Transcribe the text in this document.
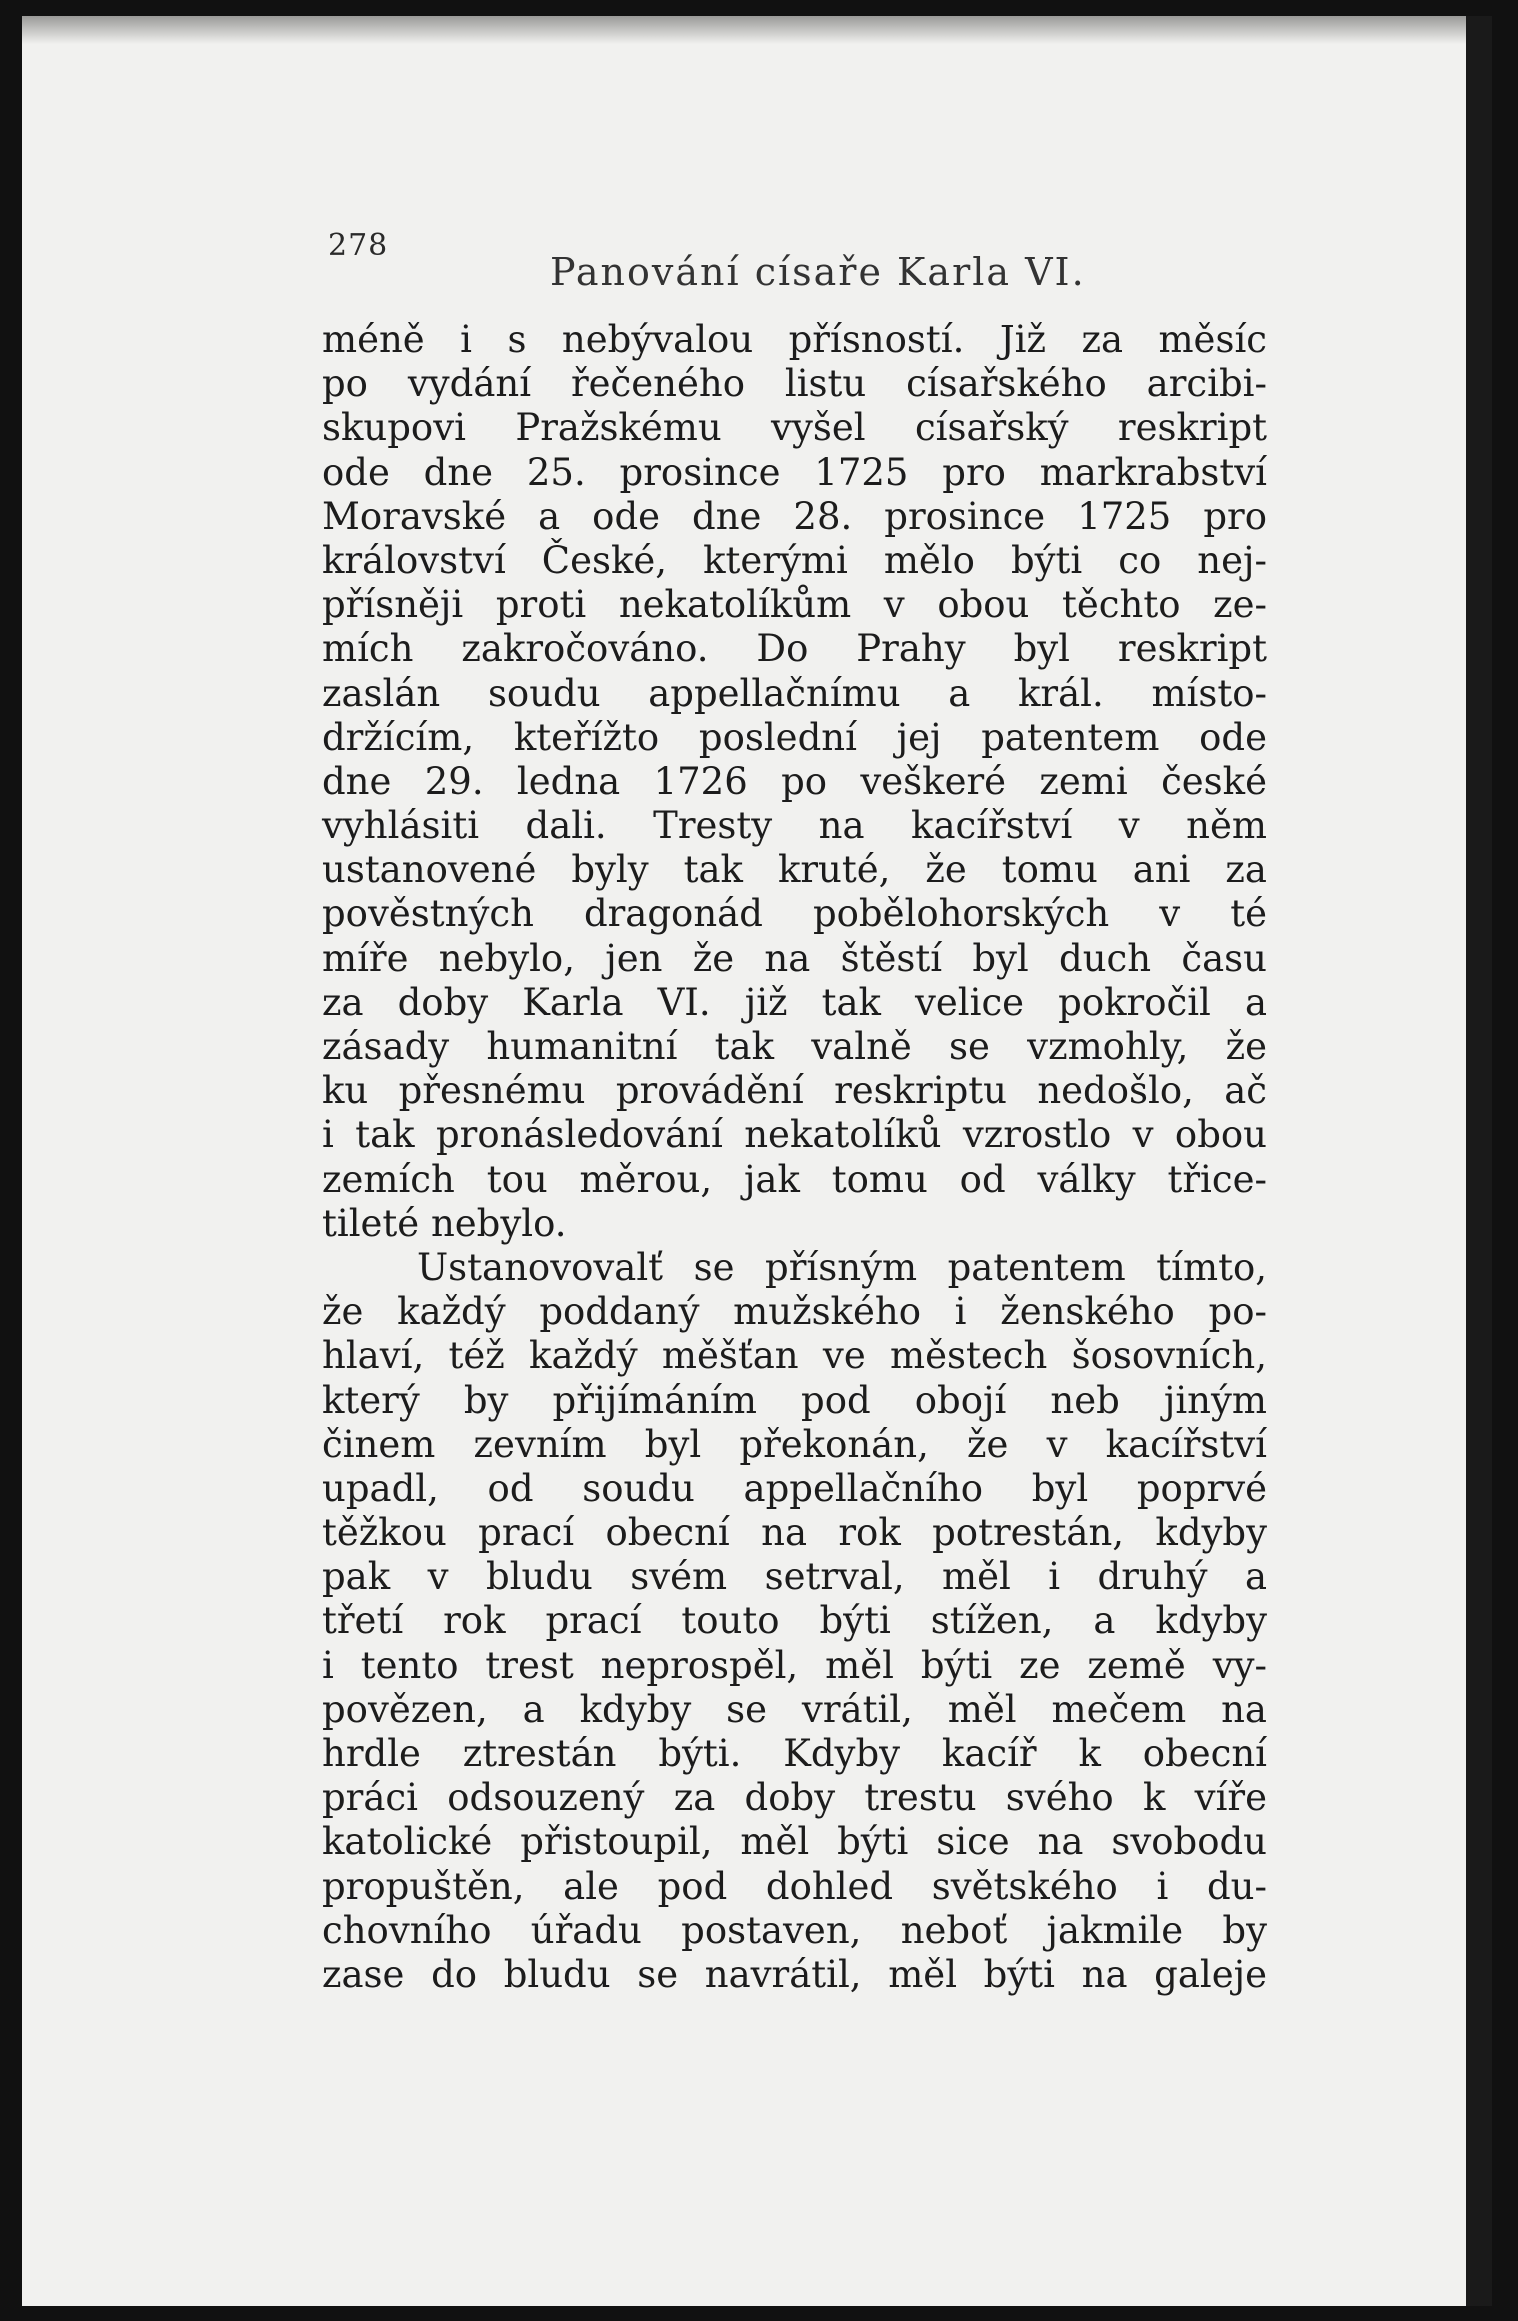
278
Panování císaře Karla VI.
méně i s nebývalou přísností. Již za měsíc
po vydání řečeného listu císařského arcibi-
skupovi Pražskému vyšel císařský reskript
ode dne 25. prosince 1725 pro markrabství
Moravské a ode dne 28. prosince 1725 pro
království České, kterými mělo býti co nej-
přísněji proti nekatolíkům v obou těchto ze-
mích zakročováno. Do Prahy byl reskript
zaslán soudu appellačnímu a král. místo-
držícím, kteřížto poslední jej patentem ode
dne 29. ledna 1726 po veškeré zemi české
vyhlásiti dali. Tresty na kacířství v něm
ustanovené byly tak kruté, že tomu ani za
pověstných dragonád pobělohorských v té
míře nebylo, jen že na štěstí byl duch času
za doby Karla VI. již tak velice pokročil a
zásady humanitní tak valně se vzmohly, že
ku přesnému provádění reskriptu nedošlo, ač
i tak pronásledování nekatolíků vzrostlo v obou
zemích tou měrou, jak tomu od války třice-
tileté nebylo.
Ustanovovalť se přísným patentem tímto,
že každý poddaný mužského i ženského po-
hlaví, též každý měšťan ve městech šosovních,
který by přijímáním pod obojí neb jiným
činem zevním byl překonán, že v kacířství
upadl, od soudu appellačního byl poprvé
těžkou prací obecní na rok potrestán, kdyby
pak v bludu svém setrval, měl i druhý a
třetí rok prací touto býti stížen, a kdyby
i tento trest neprospěl, měl býti ze země vy-
povězen, a kdyby se vrátil, měl mečem na
hrdle ztrestán býti. Kdyby kacíř k obecní
práci odsouzený za doby trestu svého k víře
katolické přistoupil, měl býti sice na svobodu
propuštěn, ale pod dohled světského i du-
chovního úřadu postaven, neboť jakmile by
zase do bludu se navrátil, měl býti na galeje
